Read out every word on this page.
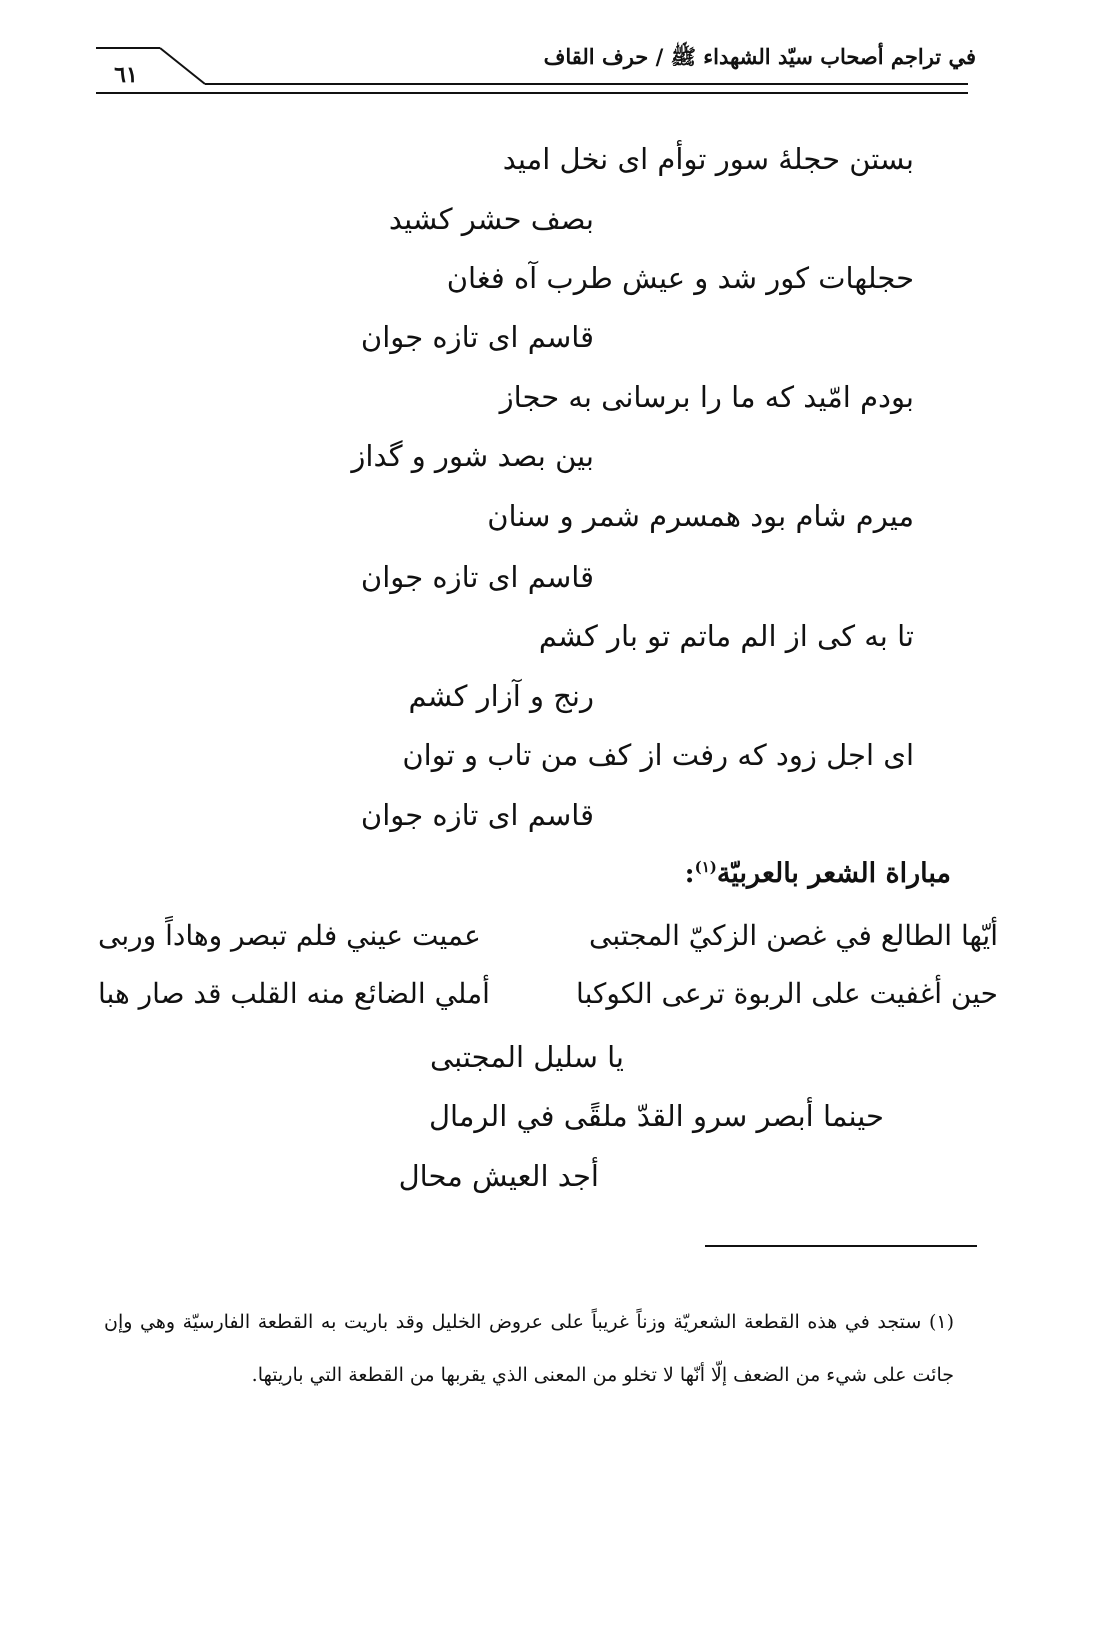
في تراجم أصحاب سيّد الشهداء ﷺ / حرف القاف
٦١
بستن حجلهٔ سور توأم ای نخل امید
بصف حشر کشید
حجلهات کور شد و عیش طرب آه فغان
قاسم ای تازه جوان
بودم امّید که ما را برسانی به حجاز
بین بصد شور و گداز
میرم شام بود همسرم شمر و سنان
قاسم ای تازه جوان
تا به کی از الم ماتم تو بار کشم
رنج و آزار کشم
ای اجل زود که رفت از کف من تاب و توان
قاسم ای تازه جوان
مباراة الشعر بالعربيّة$^{(١)}$:
أيّها الطالع في غصن الزكيّ المجتبى
عميت عيني فلم تبصر وهاداً وربى
حين أغفيت على الربوة ترعى الكوكبا
أملي الضائع منه القلب قد صار هبا
يا سليل المجتبى
حينما أبصر سرو القدّ ملقًى في الرمال
أجد العيش محال
(١) ستجد في هذه القطعة الشعريّة وزناً غريباً على عروض الخليل وقد باريت به القطعة الفارسيّة وهي وإن جائت على شيء من الضعف إلّا أنّها لا تخلو من المعنى الذي يقربها من القطعة التي باريتها.
